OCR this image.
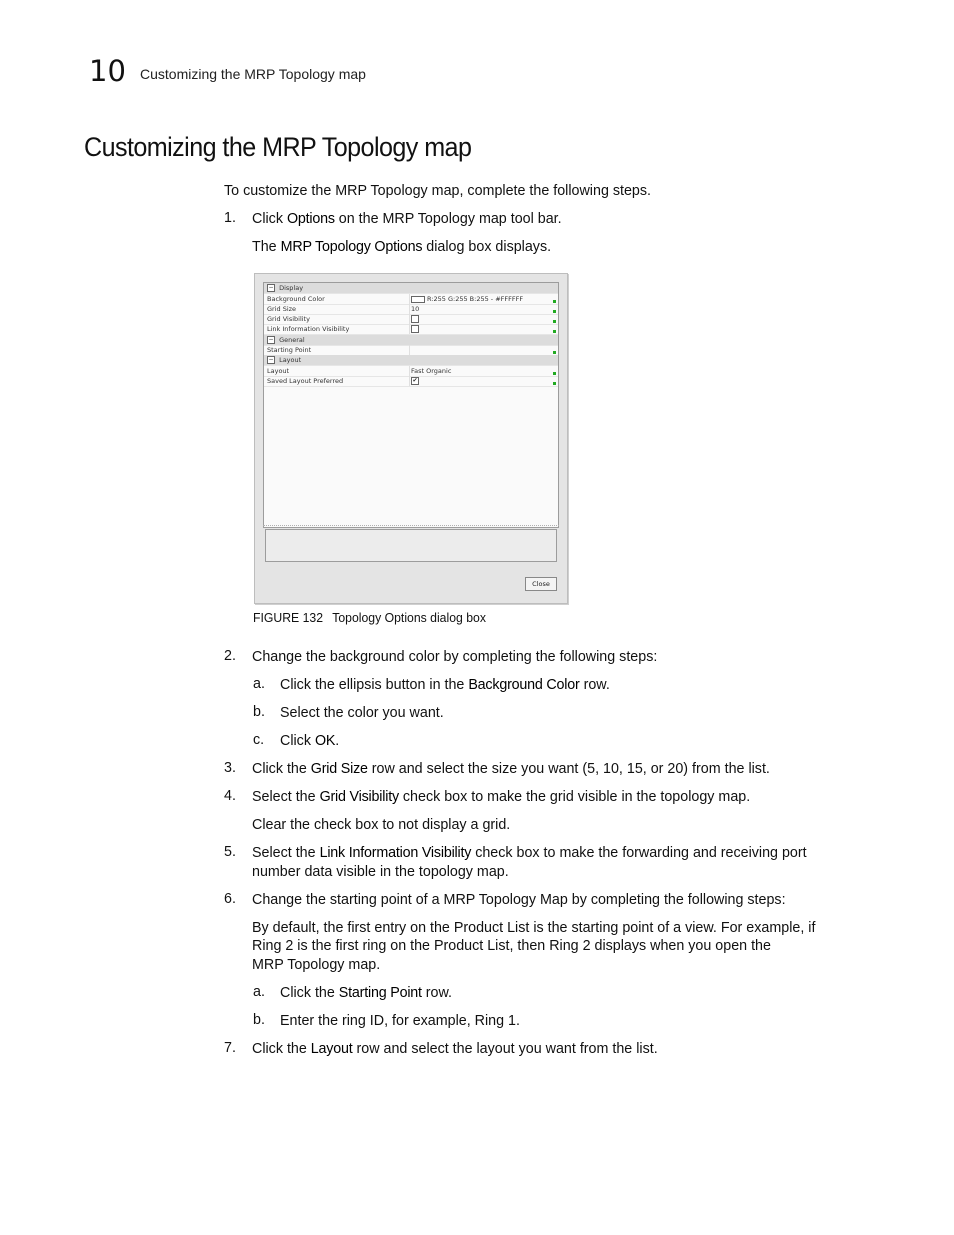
10 Customizing the MRP Topology map
Customizing the MRP Topology map
To customize the MRP Topology map, complete the following steps.
1. Click Options on the MRP Topology map tool bar.
The MRP Topology Options dialog box displays.
− Display
Background Color	R:255 G:255 B:255 - #FFFFFF
Grid Size	10
Grid Visibility
Link Information Visibility
− General
Starting Point
− Layout
Layout	Fast Organic
Saved Layout Preferred	✔
Close
FIGURE 132 Topology Options dialog box
2. Change the background color by completing the following steps:
a. Click the ellipsis button in the Background Color row.
b. Select the color you want.
c. Click OK.
3. Click the Grid Size row and select the size you want (5, 10, 15, or 20) from the list.
4. Select the Grid Visibility check box to make the grid visible in the topology map.
Clear the check box to not display a grid.
5. Select the Link Information Visibility check box to make the forwarding and receiving port
number data visible in the topology map.
6. Change the starting point of a MRP Topology Map by completing the following steps:
By default, the first entry on the Product List is the starting point of a view. For example, if
Ring 2 is the first ring on the Product List, then Ring 2 displays when you open the
MRP Topology map.
a. Click the Starting Point row.
b. Enter the ring ID, for example, Ring 1.
7. Click the Layout row and select the layout you want from the list.
